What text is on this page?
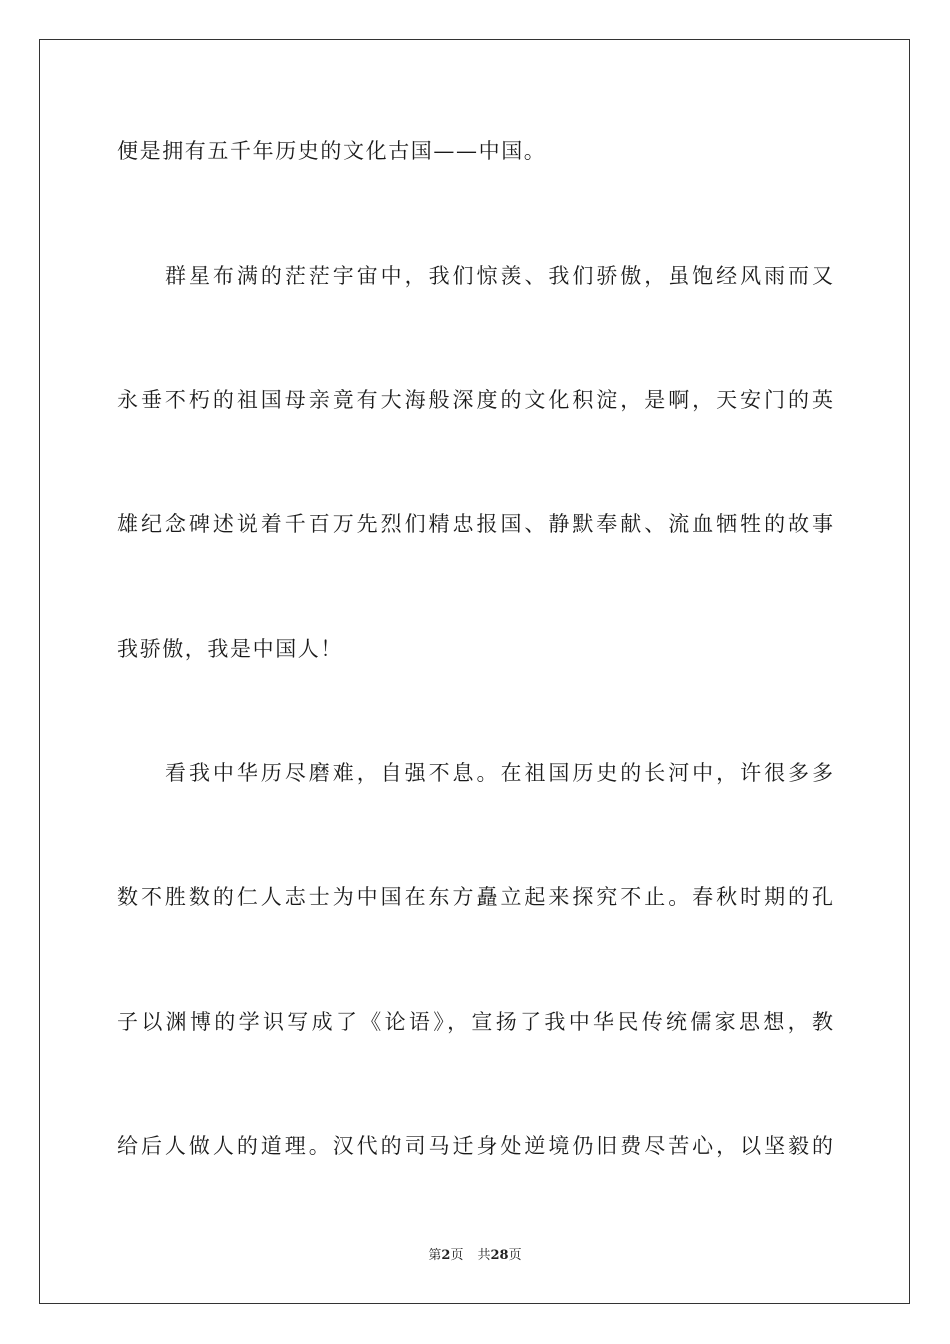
便是拥有五千年历史的文化古国——中国。
群星布满的茫茫宇宙中，我们惊羡、我们骄傲，虽饱经风雨而又
永垂不朽的祖国母亲竟有大海般深度的文化积淀，是啊，天安门的英
雄纪念碑述说着千百万先烈们精忠报国、静默奉献、流血牺牲的故事
我骄傲，我是中国人！
看我中华历尽磨难，自强不息。在祖国历史的长河中，许很多多
数不胜数的仁人志士为中国在东方矗立起来探究不止。春秋时期的孔
子以渊博的学识写成了《论语》，宣扬了我中华民传统儒家思想，教
给后人做人的道理。汉代的司马迁身处逆境仍旧费尽苦心，以坚毅的
第2页 共28页
